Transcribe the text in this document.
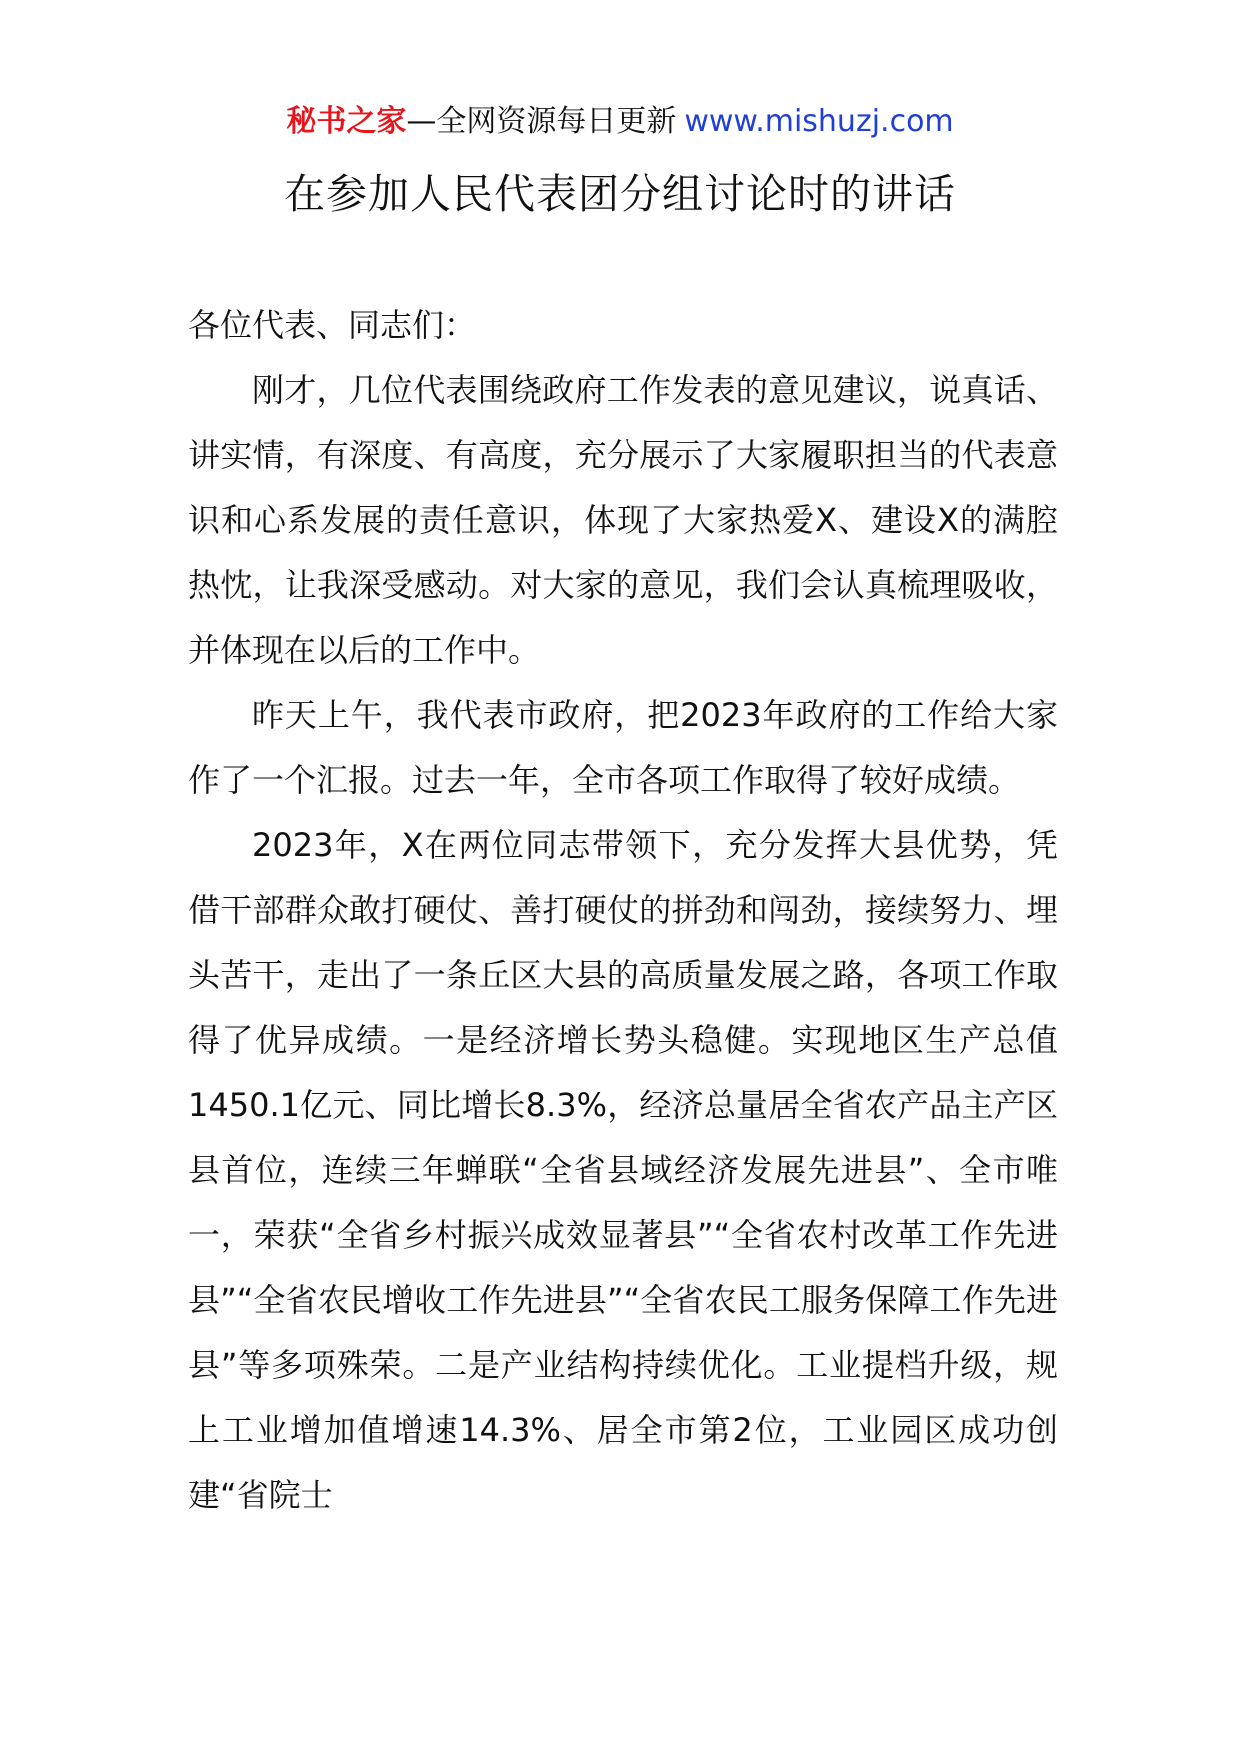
秘书之家—全网资源每日更新 www.mishuzj.com
在参加人民代表团分组讨论时的讲话

各位代表、同志们：

刚才，几位代表围绕政府工作发表的意见建议，说真话、讲实情，有深度、有高度，充分展示了大家履职担当的代表意识和心系发展的责任意识，体现了大家热爱X、建设X的满腔热忱，让我深受感动。对大家的意见，我们会认真梳理吸收，并体现在以后的工作中。

昨天上午，我代表市政府，把2023年政府的工作给大家作了一个汇报。过去一年，全市各项工作取得了较好成绩。

2023年，X在两位同志带领下，充分发挥大县优势，凭借干部群众敢打硬仗、善打硬仗的拼劲和闯劲，接续努力、埋头苦干，走出了一条丘区大县的高质量发展之路，各项工作取得了优异成绩。一是经济增长势头稳健。实现地区生产总值1450.1亿元、同比增长8.3%，经济总量居全省农产品主产区县首位，连续三年蝉联“全省县域经济发展先进县”、全市唯一，荣获“全省乡村振兴成效显著县”“全省农村改革工作先进县”“全省农民增收工作先进县”“全省农民工服务保障工作先进县”等多项殊荣。二是产业结构持续优化。工业提档升级，规上工业增加值增速14.3%、居全市第2位，工业园区成功创建“省院士
